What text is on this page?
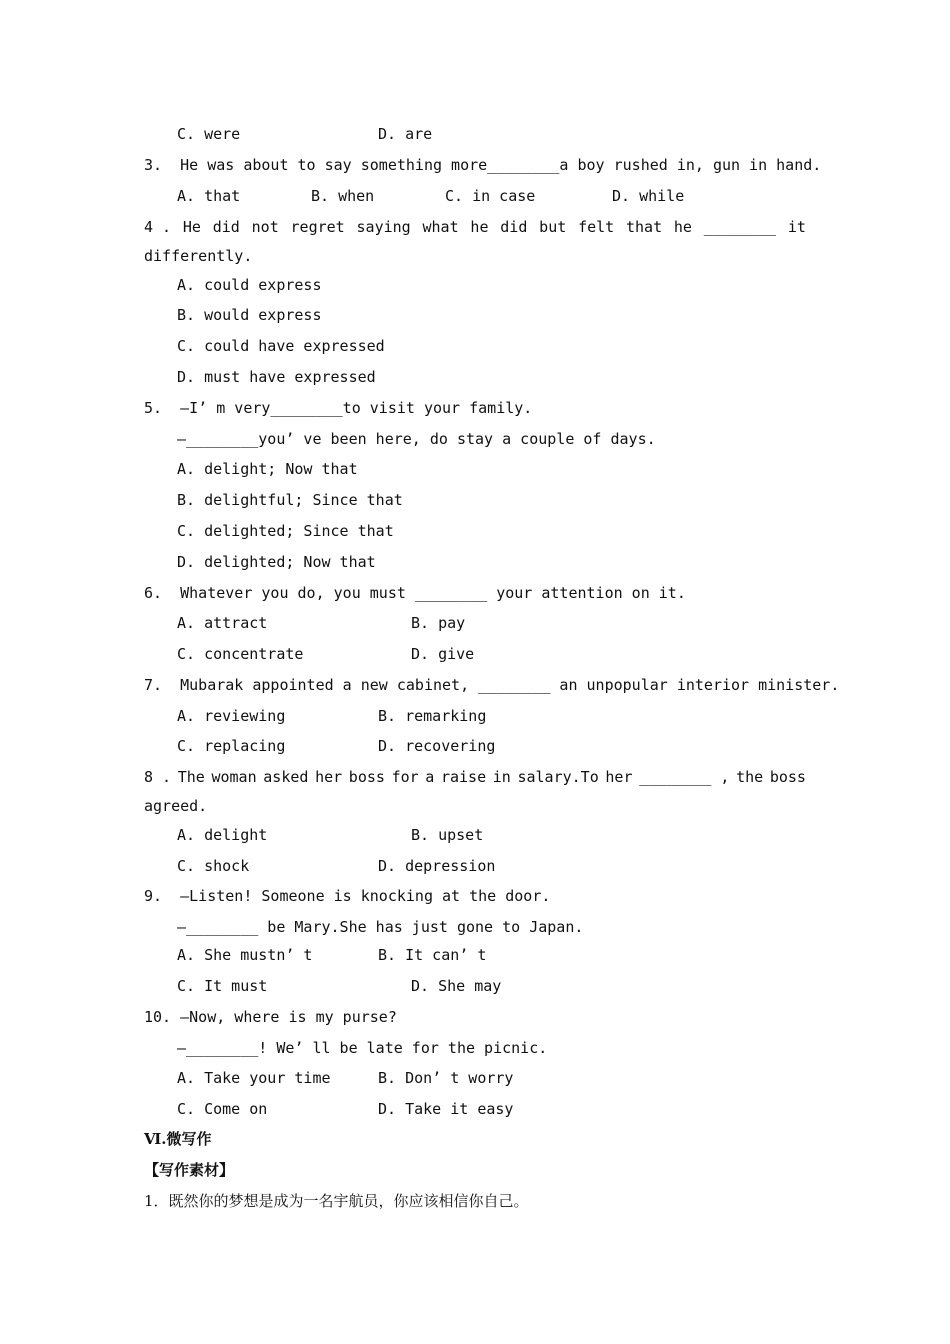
C. were	D. are
3.  He was about to say something more________a boy rushed in, gun in hand.
A. that	B. when	C. in case	D. while
4 . He did not regret saying what he did but felt that he ________ it
differently.
A. could express
B. would express
C. could have expressed
D. must have expressed
5.  —I’ m very________to visit your family.
—________you’ ve been here, do stay a couple of days.
A. delight; Now that
B. delightful; Since that
C. delighted; Since that
D. delighted; Now that
6.  Whatever you do, you must ________ your attention on it.
A. attract	B. pay
C. concentrate	D. give
7.  Mubarak appointed a new cabinet, ________ an unpopular interior minister.
A. reviewing	B. remarking
C. replacing	D. recovering
8 . The woman asked her boss for a raise in salary.To her ________ , the boss
agreed.
A. delight	B. upset
C. shock	D. depression
9.  —Listen! Someone is knocking at the door.
—________ be Mary.She has just gone to Japan.
A. She mustn’ t	B. It can’ t
C. It must	D. She may
10. —Now, where is my purse?
—________! We’ ll be late for the picnic.
A. Take your time	B. Don’ t worry
C. Come on	D. Take it easy
Ⅵ.微写作
【写作素材】
1．既然你的梦想是成为一名宇航员，你应该相信你自己。
